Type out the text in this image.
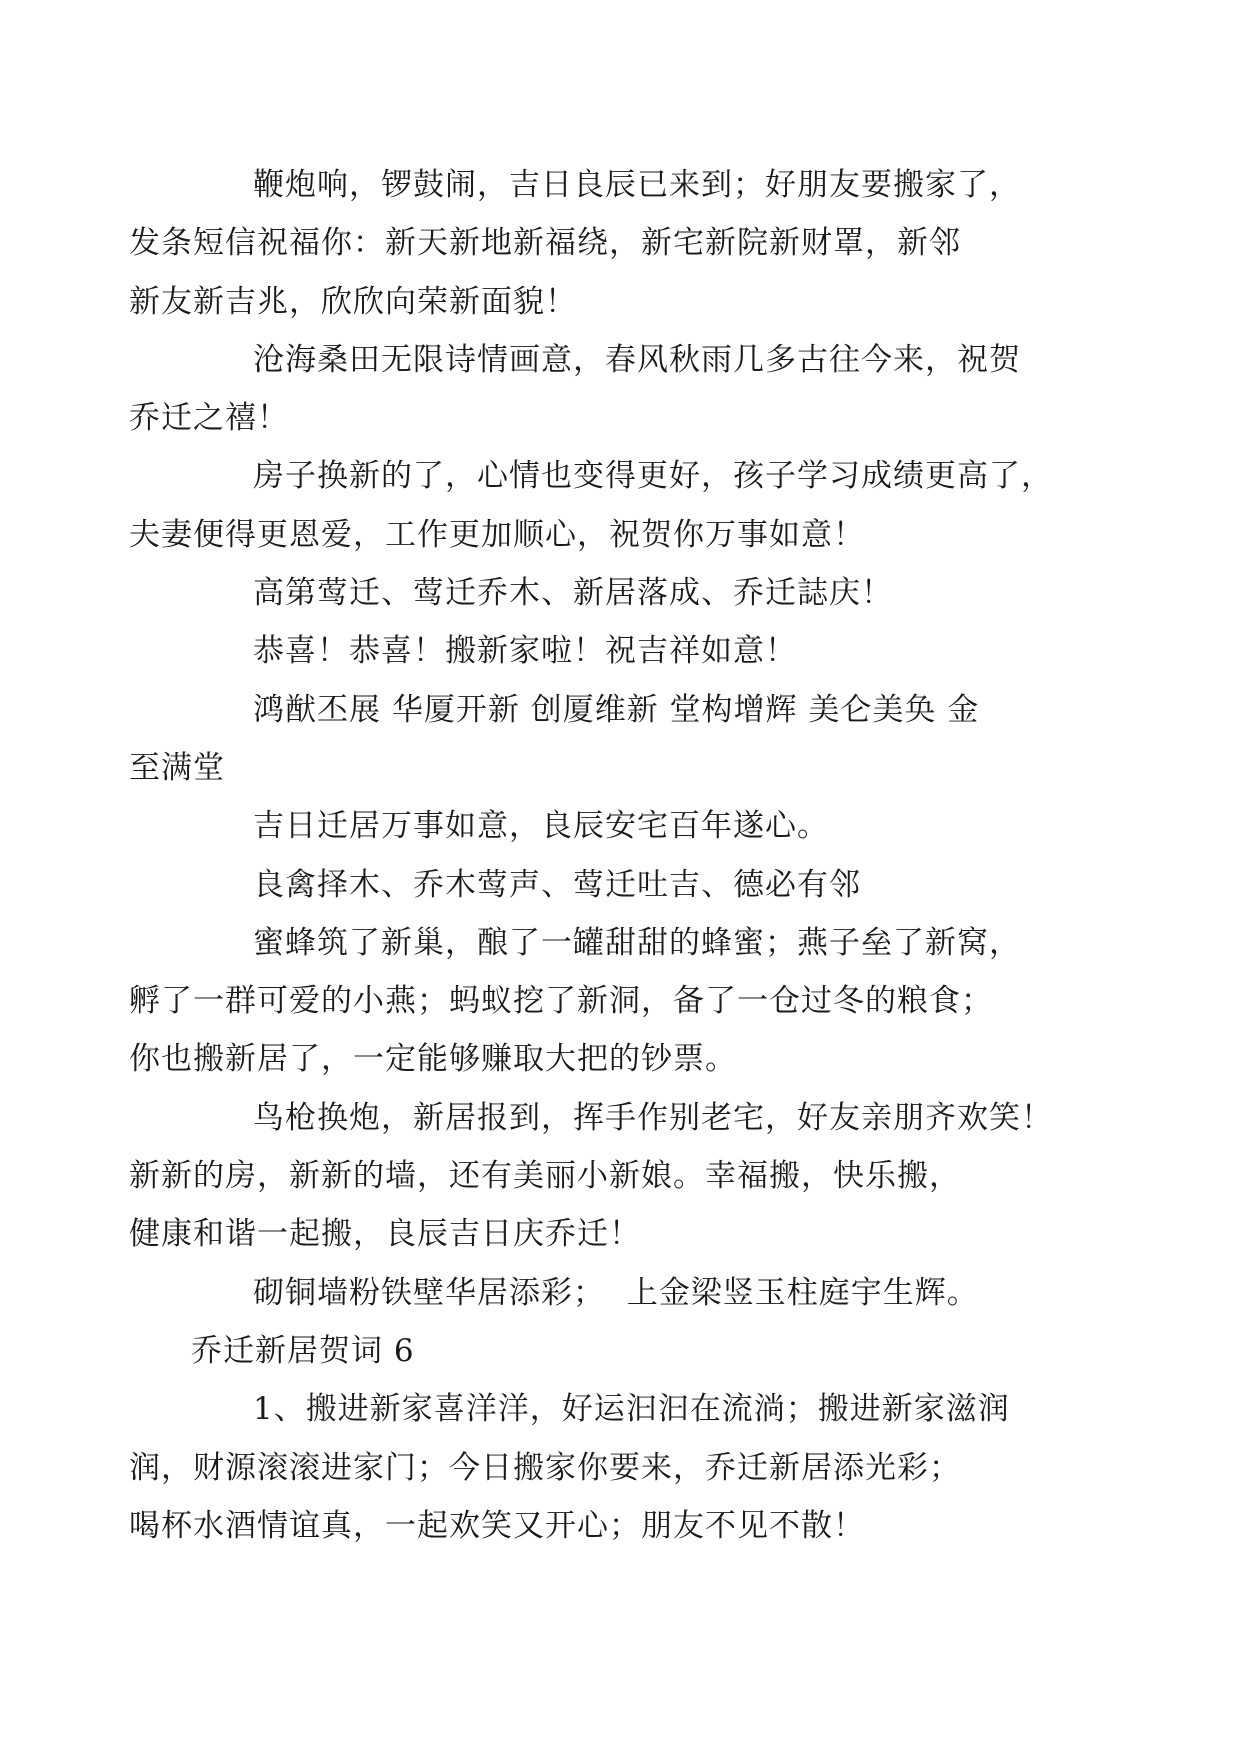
鞭炮响，锣鼓闹，吉日良辰已来到；好朋友要搬家了，
发条短信祝福你：新天新地新福绕，新宅新院新财罩，新邻
新友新吉兆，欣欣向荣新面貌！

沧海桑田无限诗情画意，春风秋雨几多古往今来，祝贺
乔迁之禧！

房子换新的了，心情也变得更好，孩子学习成绩更高了，
夫妻便得更恩爱，工作更加顺心，祝贺你万事如意！

高第莺迁、莺迁乔木、新居落成、乔迁誌庆！

恭喜！恭喜！搬新家啦！祝吉祥如意！

鸿猷丕展 华厦开新 创厦维新 堂构增辉 美仑美奂 金
至满堂

吉日迁居万事如意，良辰安宅百年遂心。

良禽择木、乔木莺声、莺迁吐吉、德必有邻

蜜蜂筑了新巢，酿了一罐甜甜的蜂蜜；燕子垒了新窝，
孵了一群可爱的小燕；蚂蚁挖了新洞，备了一仓过冬的粮食；
你也搬新居了，一定能够赚取大把的钞票。

鸟枪换炮，新居报到，挥手作别老宅，好友亲朋齐欢笑！
新新的房，新新的墙，还有美丽小新娘。幸福搬，快乐搬，
健康和谐一起搬，良辰吉日庆乔迁！

砌铜墙粉铁壁华居添彩；  上金梁竖玉柱庭宇生辉。

乔迁新居贺词 6

1、搬进新家喜洋洋，好运汩汩在流淌；搬进新家滋润
润，财源滚滚进家门；今日搬家你要来，乔迁新居添光彩；
喝杯水酒情谊真，一起欢笑又开心；朋友不见不散！
